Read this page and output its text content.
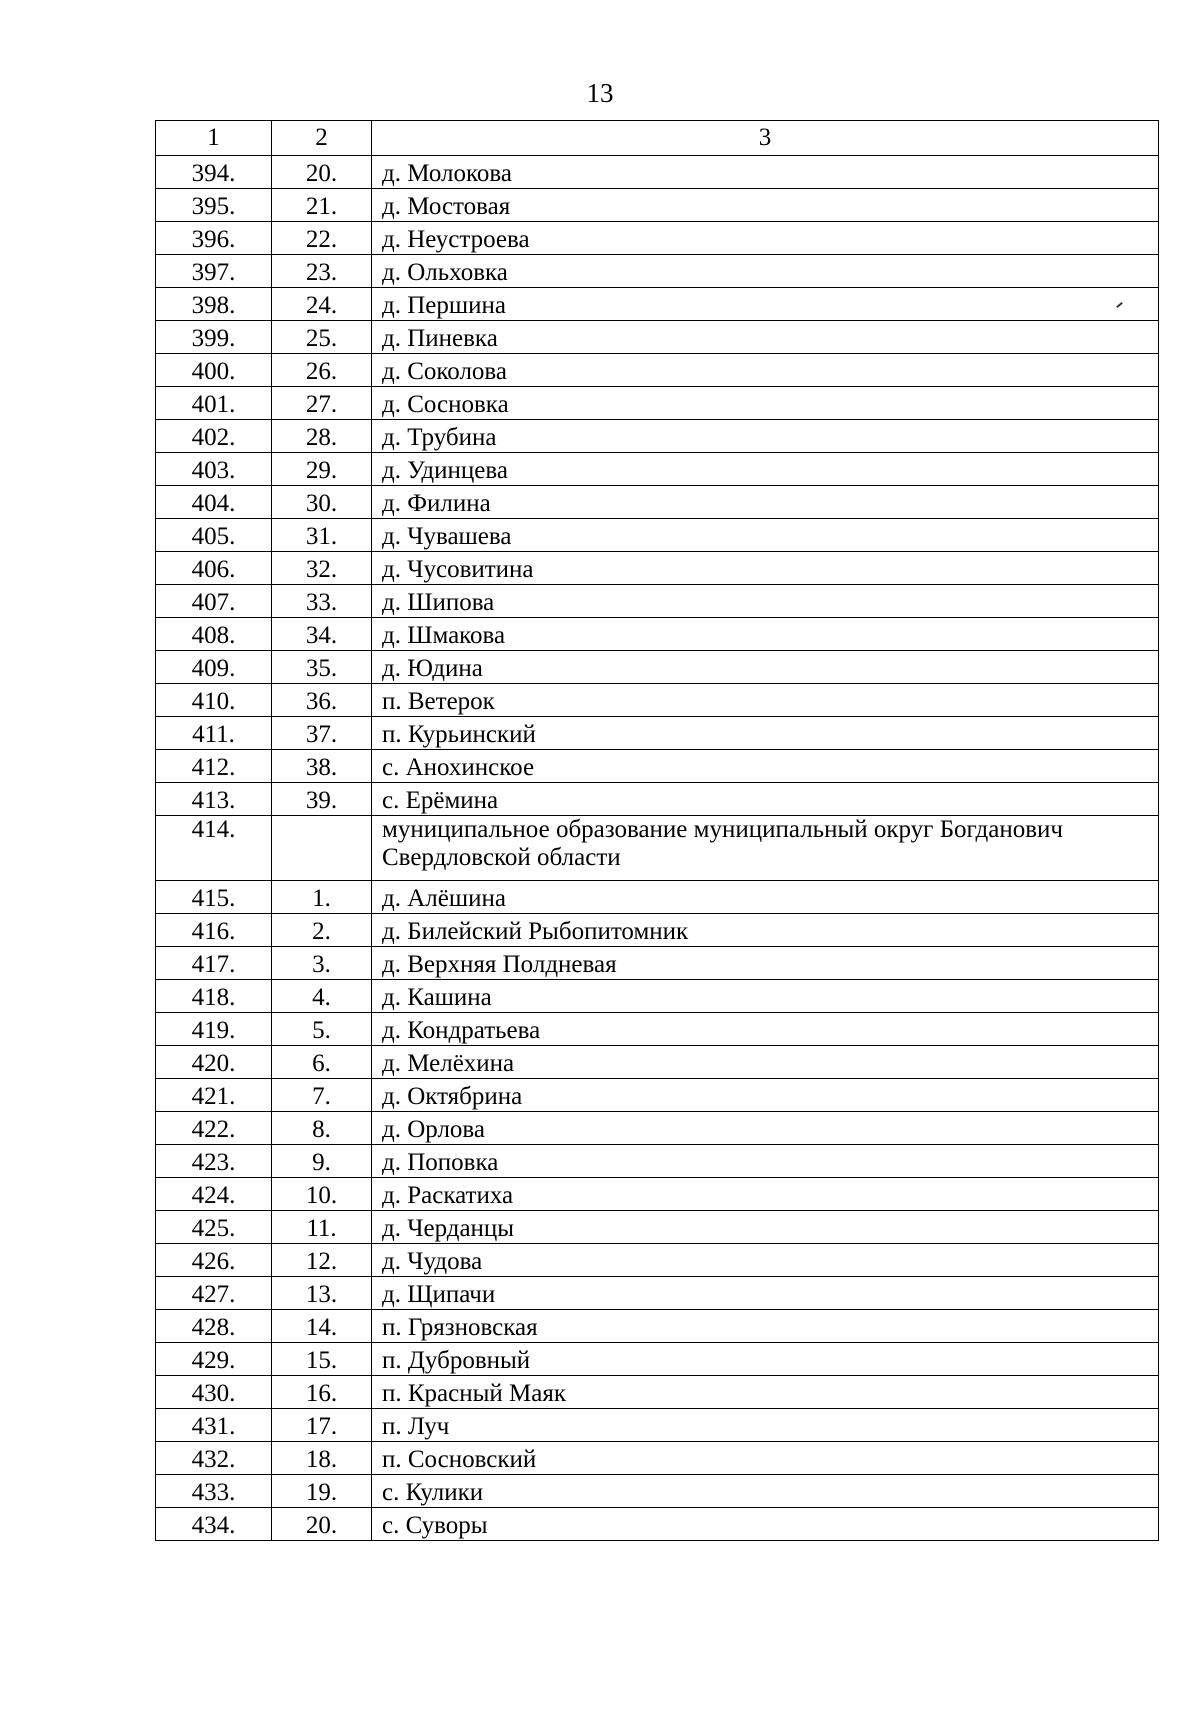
13
1	2	3
394.	20.	д. Молокова
395.	21.	д. Мостовая
396.	22.	д. Неустроева
397.	23.	д. Ольховка
398.	24.	д. Першина
399.	25.	д. Пиневка
400.	26.	д. Соколова
401.	27.	д. Сосновка
402.	28.	д. Трубина
403.	29.	д. Удинцева
404.	30.	д. Филина
405.	31.	д. Чувашева
406.	32.	д. Чусовитина
407.	33.	д. Шипова
408.	34.	д. Шмакова
409.	35.	д. Юдина
410.	36.	п. Ветерок
411.	37.	п. Курьинский
412.	38.	с. Анохинское
413.	39.	с. Ерёмина
414.		муниципальное образование муниципальный округ Богданович Свердловской области
415.	1.	д. Алёшина
416.	2.	д. Билейский Рыбопитомник
417.	3.	д. Верхняя Полдневая
418.	4.	д. Кашина
419.	5.	д. Кондратьева
420.	6.	д. Мелёхина
421.	7.	д. Октябрина
422.	8.	д. Орлова
423.	9.	д. Поповка
424.	10.	д. Раскатиха
425.	11.	д. Черданцы
426.	12.	д. Чудова
427.	13.	д. Щипачи
428.	14.	п. Грязновская
429.	15.	п. Дубровный
430.	16.	п. Красный Маяк
431.	17.	п. Луч
432.	18.	п. Сосновский
433.	19.	с. Кулики
434.	20.	с. Суворы
